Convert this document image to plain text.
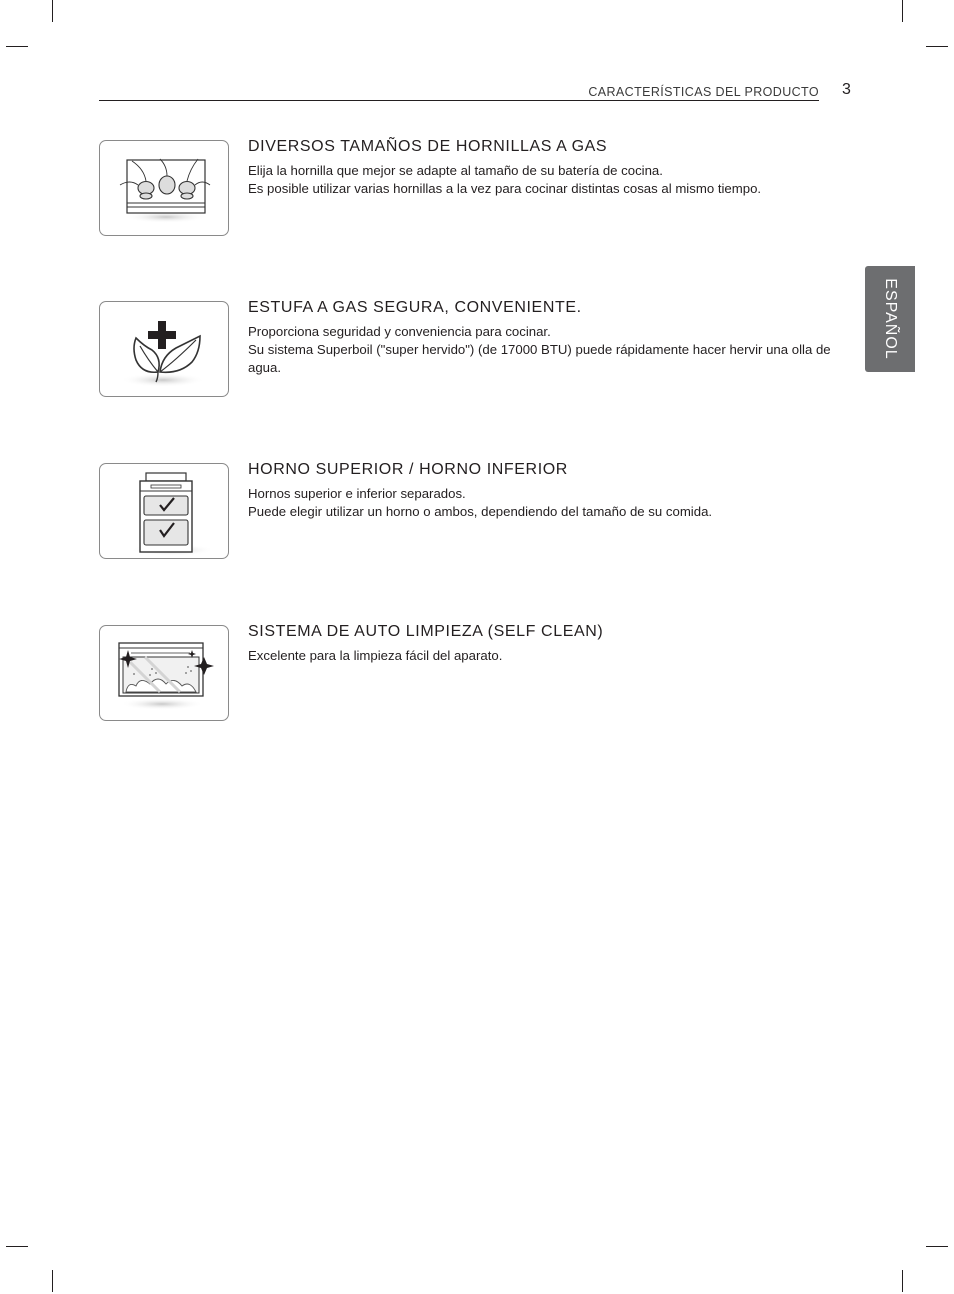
CARACTERÍSTICAS DEL PRODUCTO 3
ESPAÑOL
DIVERSOS TAMAÑOS DE HORNILLAS A GAS

Elija la hornilla que mejor se adapte al tamaño de su batería de cocina.

Es posible utilizar varias hornillas a la vez para cocinar distintas cosas al mismo tiempo.

ESTUFA A GAS SEGURA, CONVENIENTE.

Proporciona seguridad y conveniencia para cocinar.

Su sistema Superboil ("super hervido") (de 17000 BTU) puede rápidamente hacer hervir una olla de agua.

HORNO SUPERIOR / HORNO INFERIOR

Hornos superior e inferior separados.

Puede elegir utilizar un horno o ambos, dependiendo del tamaño de su comida.

SISTEMA DE AUTO LIMPIEZA (SELF CLEAN)

Excelente para la limpieza fácil del aparato.
